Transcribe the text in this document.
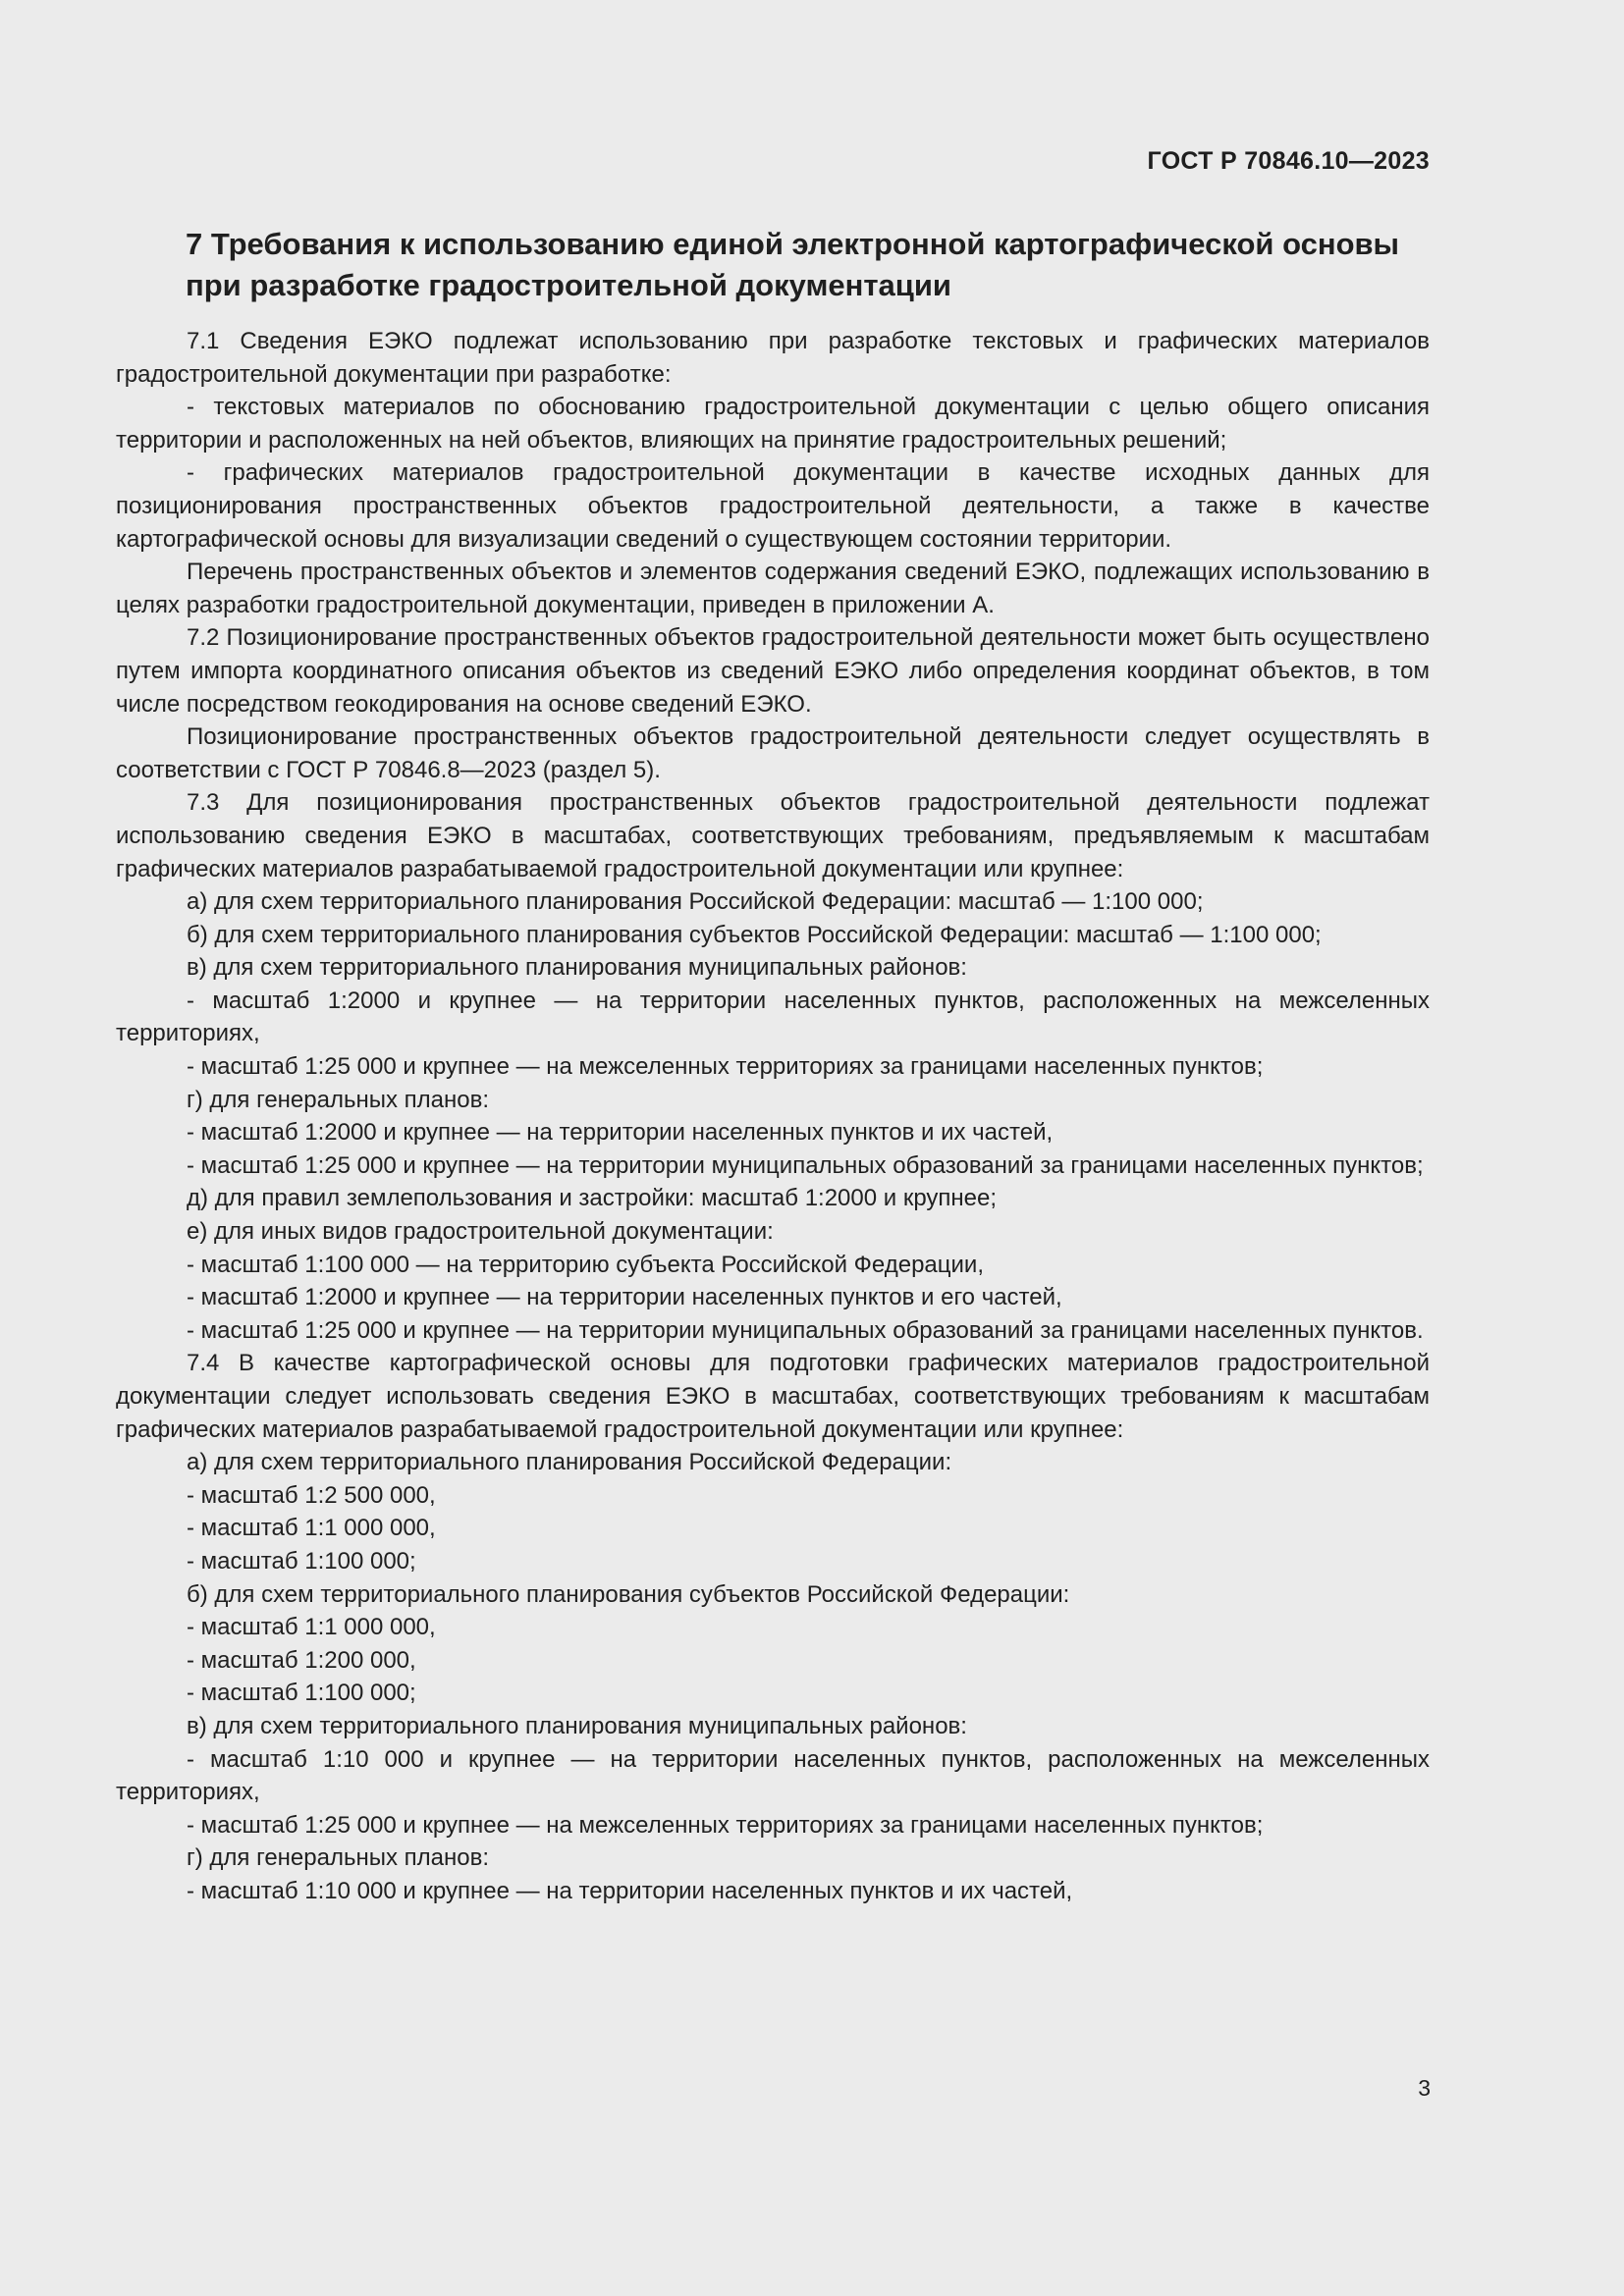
ГОСТ Р 70846.10—2023
7 Требования к использованию единой электронной картографической основы при разработке градостроительной документации

7.1 Сведения ЕЭКО подлежат использованию при разработке текстовых и графических материалов градостроительной документации при разработке:

- текстовых материалов по обоснованию градостроительной документации с целью общего описания территории и расположенных на ней объектов, влияющих на принятие градостроительных решений;

- графических материалов градостроительной документации в качестве исходных данных для позиционирования пространственных объектов градостроительной деятельности, а также в качестве картографической основы для визуализации сведений о существующем состоянии территории.

Перечень пространственных объектов и элементов содержания сведений ЕЭКО, подлежащих использованию в целях разработки градостроительной документации, приведен в приложении А.

7.2 Позиционирование пространственных объектов градостроительной деятельности может быть осуществлено путем импорта координатного описания объектов из сведений ЕЭКО либо определения координат объектов, в том числе посредством геокодирования на основе сведений ЕЭКО.

Позиционирование пространственных объектов градостроительной деятельности следует осуществлять в соответствии с ГОСТ Р 70846.8—2023 (раздел 5).

7.3 Для позиционирования пространственных объектов градостроительной деятельности подлежат использованию сведения ЕЭКО в масштабах, соответствующих требованиям, предъявляемым к масштабам графических материалов разрабатываемой градостроительной документации или крупнее:

а) для схем территориального планирования Российской Федерации: масштаб — 1:100 000;

б) для схем территориального планирования субъектов Российской Федерации: масштаб — 1:100 000;

в) для схем территориального планирования муниципальных районов:

- масштаб 1:2000 и крупнее — на территории населенных пунктов, расположенных на межселенных территориях,

- масштаб 1:25 000 и крупнее — на межселенных территориях за границами населенных пунктов;

г) для генеральных планов:

- масштаб 1:2000 и крупнее — на территории населенных пунктов и их частей,

- масштаб 1:25 000 и крупнее — на территории муниципальных образований за границами населенных пунктов;

д) для правил землепользования и застройки: масштаб 1:2000 и крупнее;

е) для иных видов градостроительной документации:

- масштаб 1:100 000 — на территорию субъекта Российской Федерации,

- масштаб 1:2000 и крупнее — на территории населенных пунктов и его частей,

- масштаб 1:25 000 и крупнее — на территории муниципальных образований за границами населенных пунктов.

7.4 В качестве картографической основы для подготовки графических материалов градостроительной документации следует использовать сведения ЕЭКО в масштабах, соответствующих требованиям к масштабам графических материалов разрабатываемой градостроительной документации или крупнее:

а) для схем территориального планирования Российской Федерации:

- масштаб 1:2 500 000,

- масштаб 1:1 000 000,

- масштаб 1:100 000;

б) для схем территориального планирования субъектов Российской Федерации:

- масштаб 1:1 000 000,

- масштаб 1:200 000,

- масштаб 1:100 000;

в) для схем территориального планирования муниципальных районов:

- масштаб 1:10 000 и крупнее — на территории населенных пунктов, расположенных на межселенных территориях,

- масштаб 1:25 000 и крупнее — на межселенных территориях за границами населенных пунктов;

г) для генеральных планов:

- масштаб 1:10 000 и крупнее — на территории населенных пунктов и их частей,

3
